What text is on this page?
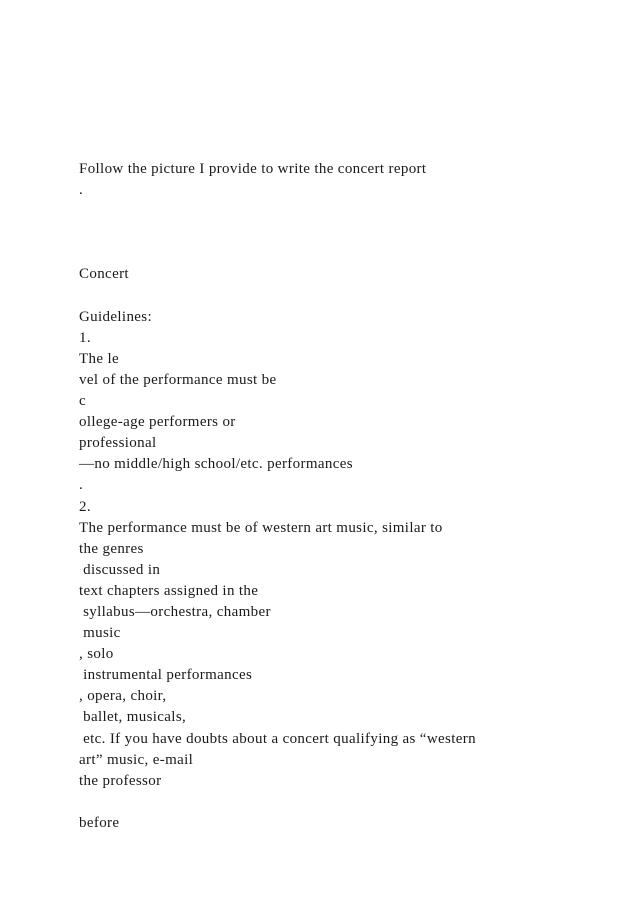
Follow the picture I provide to write the concert report
.
Concert
Guidelines:
1.
The le
vel of the performance must be
c
ollege-age performers or
professional
—no middle/high school/etc. performances
.
2.
The performance must be of western art music, similar to
the genres
discussed in
text chapters assigned in the
syllabus—orchestra, chamber
music
, solo
instrumental performances
, opera, choir,
ballet, musicals,
etc. If you have doubts about a concert qualifying as “western
art” music, e-mail
the professor
before
